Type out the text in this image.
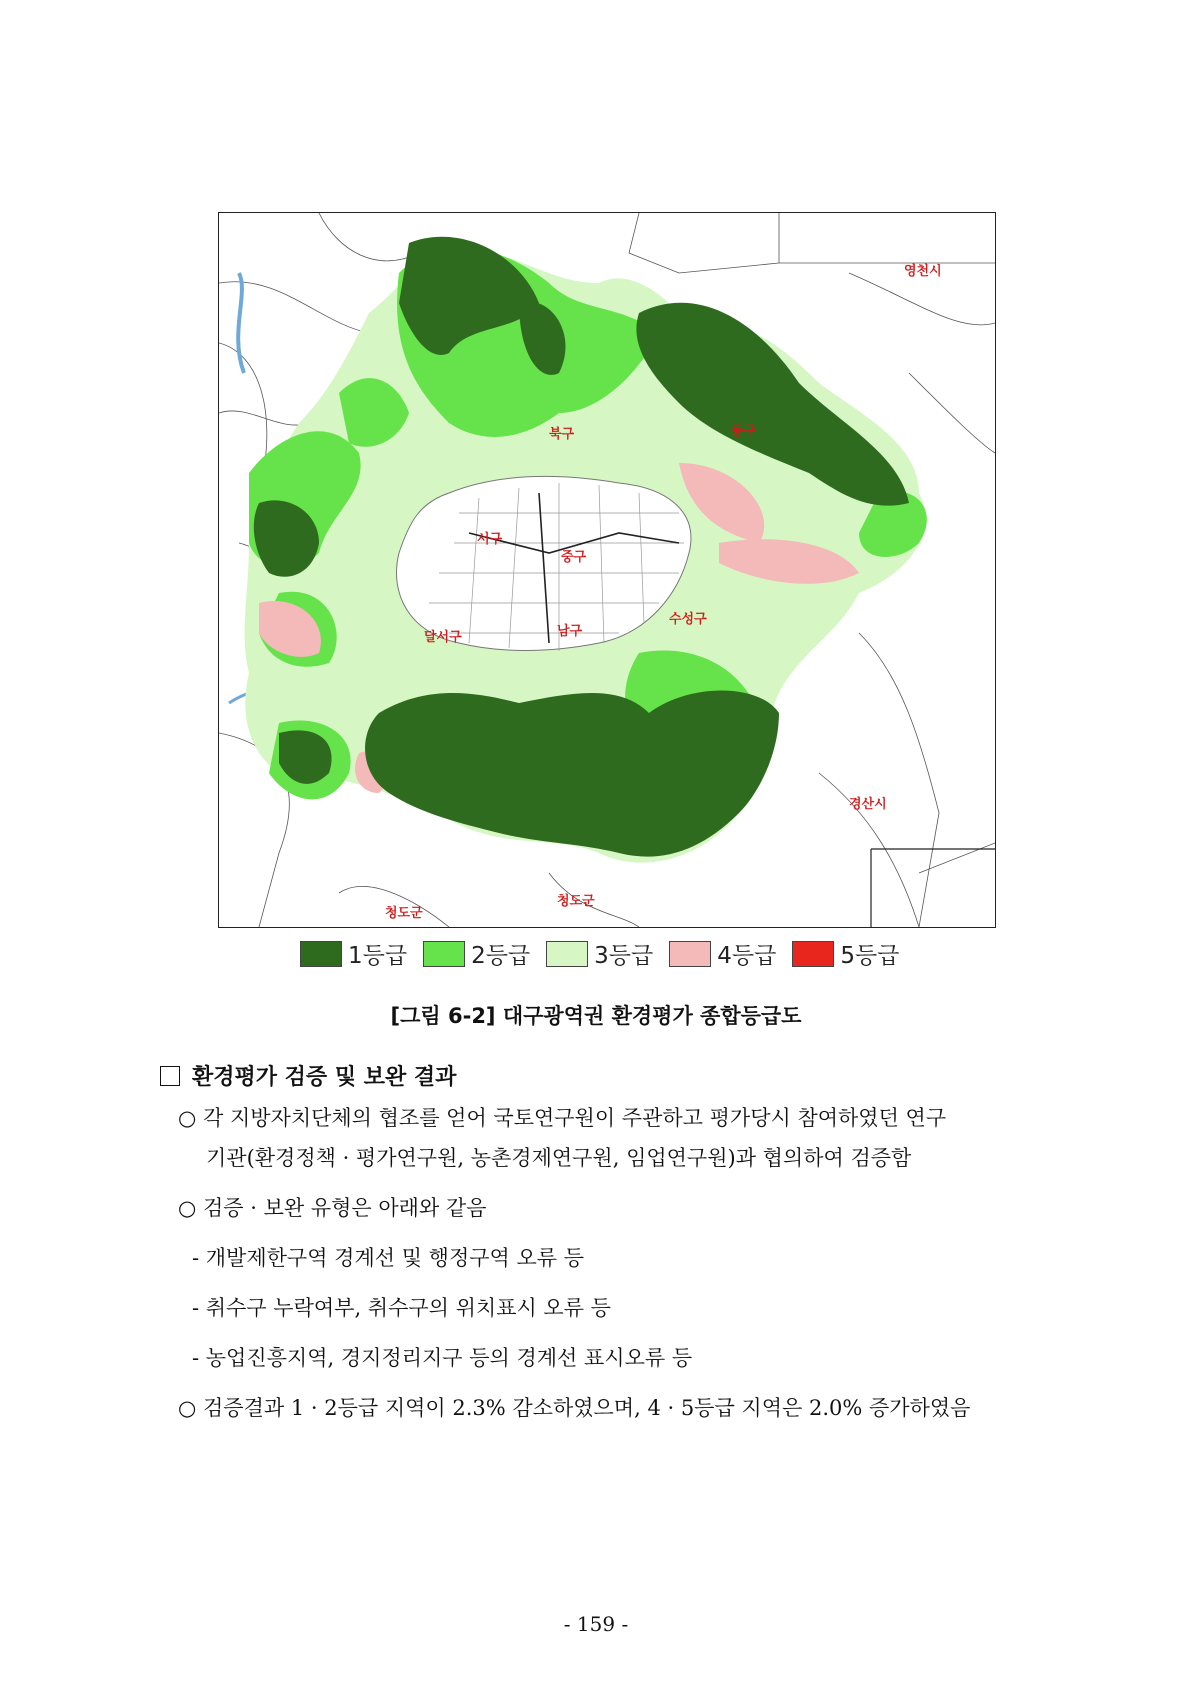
영천시
북구	동구
서구
중구
달서구	남구
수성구
경산시
청도군
청도군
1등급	2등급	3등급	4등급	5등급
[그림 6-2] 대구광역권 환경평가 종합등급도
환경평가 검증 및 보완 결과
○ 각 지방자치단체의 협조를 얻어 국토연구원이 주관하고 평가당시 참여하였던 연구
기관(환경정책 · 평가연구원, 농촌경제연구원, 임업연구원)과 협의하여 검증함
○ 검증 · 보완 유형은 아래와 같음
- 개발제한구역 경계선 및 행정구역 오류 등
- 취수구 누락여부, 취수구의 위치표시 오류 등
- 농업진흥지역, 경지정리지구 등의 경계선 표시오류 등
○ 검증결과 1 · 2등급 지역이 2.3% 감소하였으며, 4 · 5등급 지역은 2.0% 증가하였음
- 159 -
